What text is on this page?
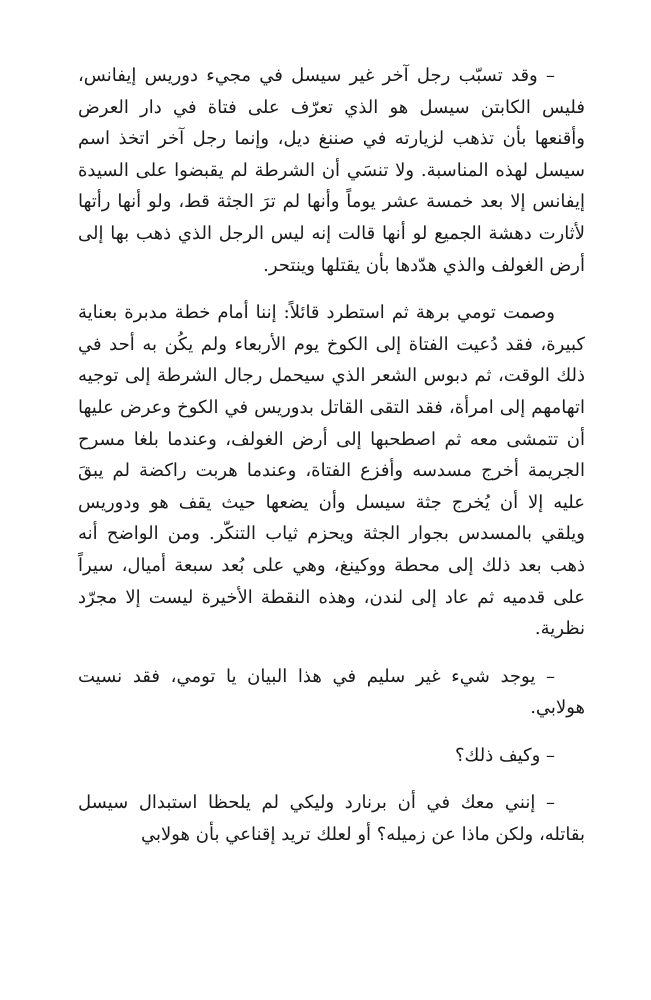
– وقد تسبّب رجل آخر غير سيسل في مجيء دوريس إيفانس، فليس الكابتن سيسل هو الذي تعرّف على فتاة في دار العرض وأقنعها بأن تذهب لزيارته في صننغ ديل، وإنما رجل آخر اتخذ اسم سيسل لهذه المناسبة. ولا تنسَي أن الشرطة لم يقبضوا على السيدة إيفانس إلا بعد خمسة عشر يوماً وأنها لم ترَ الجثة قط، ولو أنها رأتها لأثارت دهشة الجميع لو أنها قالت إنه ليس الرجل الذي ذهب بها إلى أرض الغولف والذي هدّدها بأن يقتلها وينتحر.

وصمت تومي برهة ثم استطرد قائلاً: إننا أمام خطة مدبرة بعناية كبيرة، فقد دُعيت الفتاة إلى الكوخ يوم الأربعاء ولم يكُن به أحد في ذلك الوقت، ثم دبوس الشعر الذي سيحمل رجال الشرطة إلى توجيه اتهامهم إلى امرأة، فقد التقى القاتل بدوريس في الكوخ وعرض عليها أن تتمشى معه ثم اصطحبها إلى أرض الغولف، وعندما بلغا مسرح الجريمة أخرج مسدسه وأفزع الفتاة، وعندما هربت راكضة لم يبقَ عليه إلا أن يُخرج جثة سيسل وأن يضعها حيث يقف هو ودوريس ويلقي بالمسدس بجوار الجثة ويحزم ثياب التنكّر. ومن الواضح أنه ذهب بعد ذلك إلى محطة ووكينغ، وهي على بُعد سبعة أميال، سيراً على قدميه ثم عاد إلى لندن، وهذه النقطة الأخيرة ليست إلا مجرّد نظرية.

– يوجد شيء غير سليم في هذا البيان يا تومي، فقد نسيت هولابي.

– وكيف ذلك؟

– إنني معك في أن برنارد وليكي لم يلحظا استبدال سيسل بقاتله، ولكن ماذا عن زميله؟ أو لعلك تريد إقناعي بأن هولابي
